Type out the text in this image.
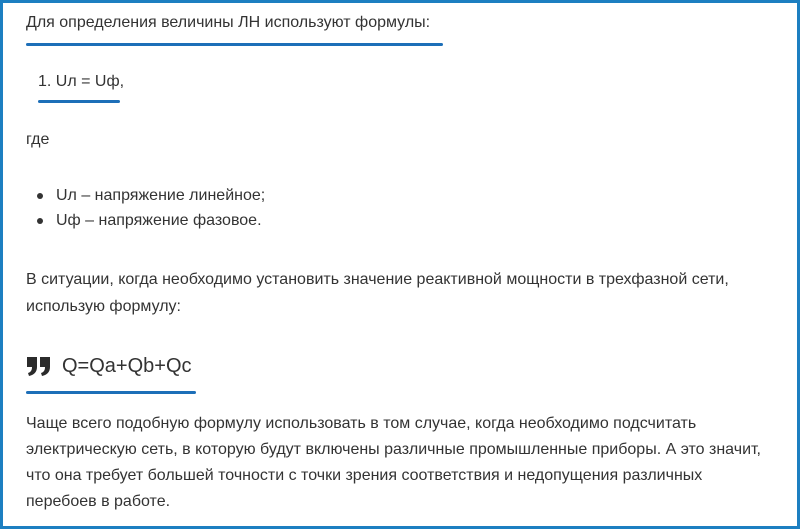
Для определения величины ЛН используют формулы:
1. Uл = Uф,
где
Uл – напряжение линейное;
Uф – напряжение фазовое.

В ситуации, когда необходимо установить значение реактивной мощности в трехфазной сети, использую формулу:

Q=Qa+Qb+Qc

Чаще всего подобную формулу использовать в том случае, когда необходимо подсчитать электрическую сеть, в которую будут включены различные промышленные приборы. А это значит, что она требует большей точности с точки зрения соответствия и недопущения различных перебоев в работе.
